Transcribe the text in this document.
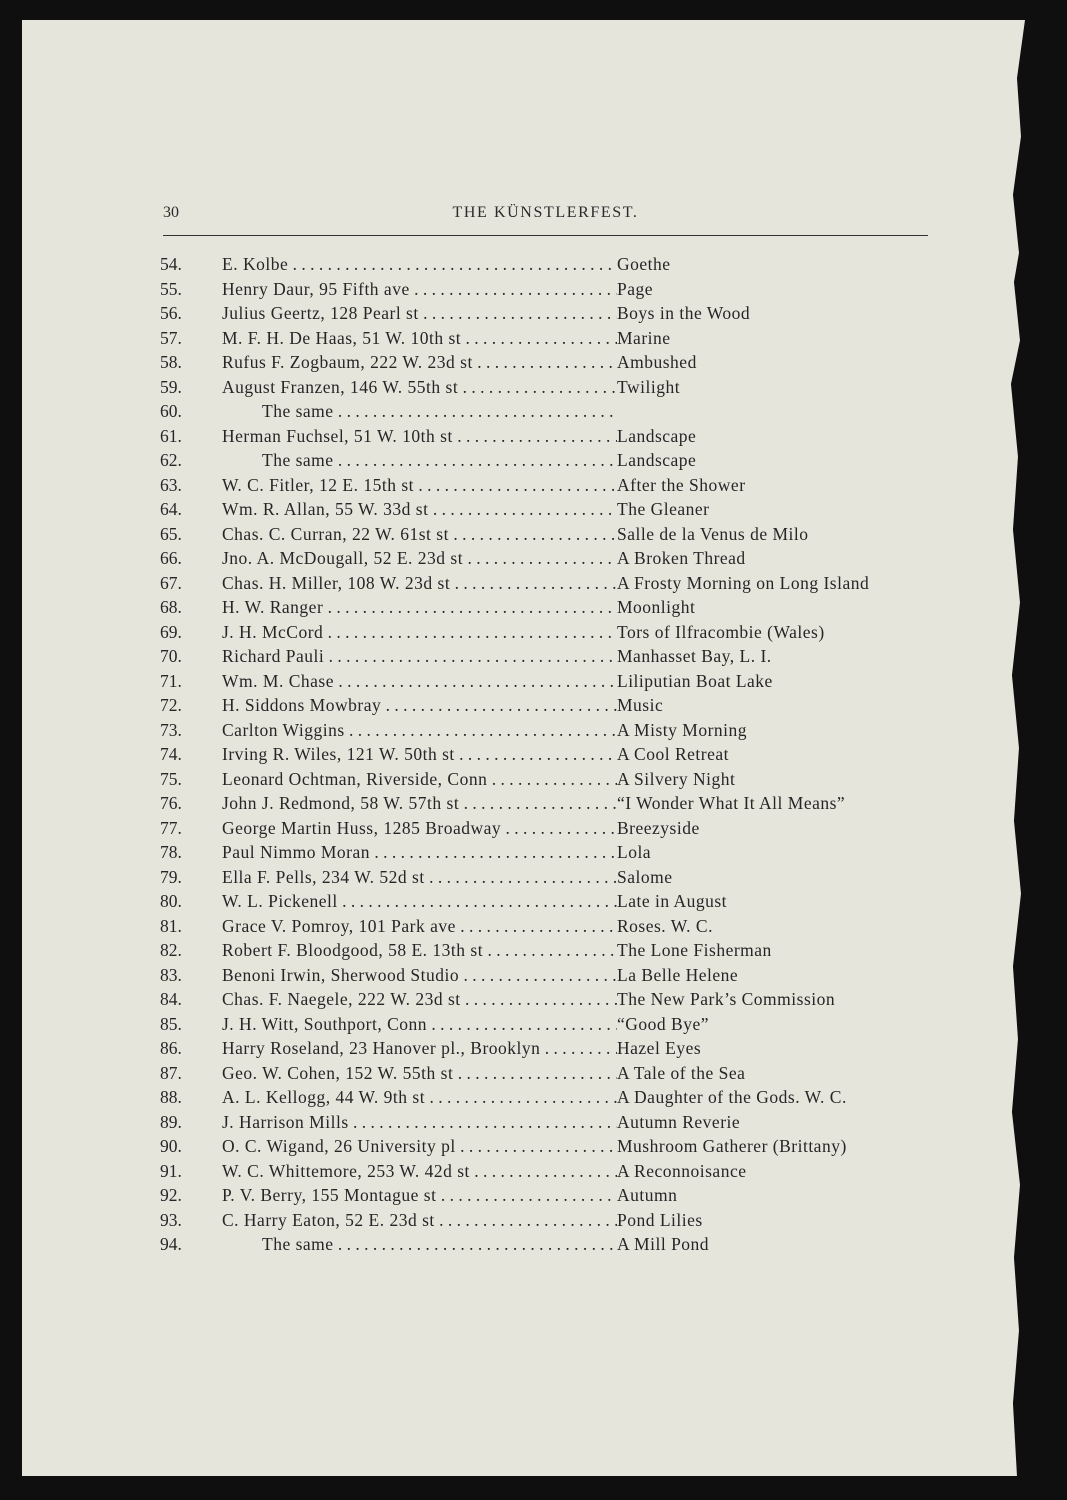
30	THE KÜNSTLERFEST.
54.	E. Kolbe . . .	Goethe
55.	Henry Daur, 95 Fifth ave . . .	Page
56.	Julius Geertz, 128 Pearl st . . .	Boys in the Wood
57.	M. F. H. De Haas, 51 W. 10th st . . .	Marine
58.	Rufus F. Zogbaum, 222 W. 23d st . . .	Ambushed
59.	August Franzen, 146 W. 55th st . . .	Twilight
60.	The same . . .
61.	Herman Fuchsel, 51 W. 10th st . . .	Landscape
62.	The same . . .	Landscape
63.	W. C. Fitler, 12 E. 15th st . . .	After the Shower
64.	Wm. R. Allan, 55 W. 33d st . . .	The Gleaner
65.	Chas. C. Curran, 22 W. 61st st . . .	Salle de la Venus de Milo
66.	Jno. A. McDougall, 52 E. 23d st . . .	A Broken Thread
67.	Chas. H. Miller, 108 W. 23d st . . .	A Frosty Morning on Long Island
68.	H. W. Ranger . . .	Moonlight
69.	J. H. McCord . . .	Tors of Ilfracombie (Wales)
70.	Richard Pauli . . .	Manhasset Bay, L. I.
71.	Wm. M. Chase . . .	Liliputian Boat Lake
72.	H. Siddons Mowbray . . .	Music
73.	Carlton Wiggins . . .	A Misty Morning
74.	Irving R. Wiles, 121 W. 50th st . . .	A Cool Retreat
75.	Leonard Ochtman, Riverside, Conn . . .	A Silvery Night
76.	John J. Redmond, 58 W. 57th st . . .	“I Wonder What It All Means”
77.	George Martin Huss, 1285 Broadway . . .	Breezyside
78.	Paul Nimmo Moran . . .	Lola
79.	Ella F. Pells, 234 W. 52d st . . .	Salome
80.	W. L. Pickenell . . .	Late in August
81.	Grace V. Pomroy, 101 Park ave . . .	Roses. W. C.
82.	Robert F. Bloodgood, 58 E. 13th st . . .	The Lone Fisherman
83.	Benoni Irwin, Sherwood Studio . . .	La Belle Helene
84.	Chas. F. Naegele, 222 W. 23d st . . .	The New Park’s Commission
85.	J. H. Witt, Southport, Conn . . .	“Good Bye”
86.	Harry Roseland, 23 Hanover pl., Brooklyn . . .	Hazel Eyes
87.	Geo. W. Cohen, 152 W. 55th st . . .	A Tale of the Sea
88.	A. L. Kellogg, 44 W. 9th st . . .	A Daughter of the Gods. W. C.
89.	J. Harrison Mills . . .	Autumn Reverie
90.	O. C. Wigand, 26 University pl . . .	Mushroom Gatherer (Brittany)
91.	W. C. Whittemore, 253 W. 42d st . . .	A Reconnoisance
92.	P. V. Berry, 155 Montague st . . .	Autumn
93.	C. Harry Eaton, 52 E. 23d st . . .	Pond Lilies
94.	The same . . .	A Mill Pond
